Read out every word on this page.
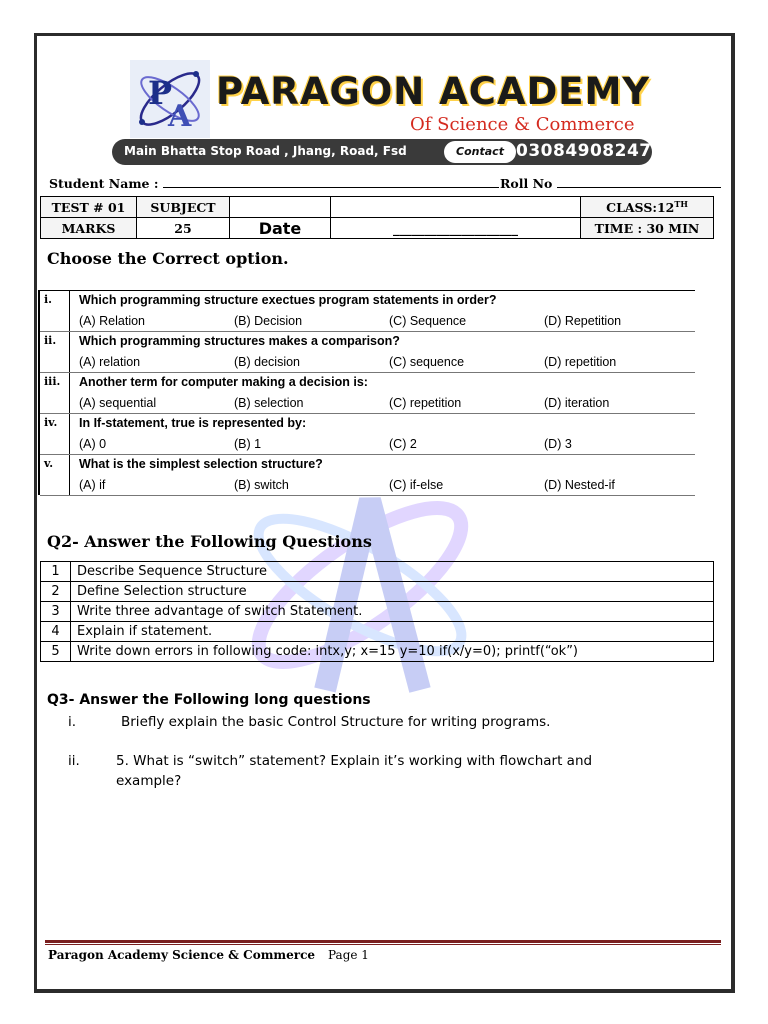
P
A
PARAGON ACADEMY
Of Science & Commerce
Main Bhatta Stop Road , Jhang, Road, Fsd	Contact 03084908247
Student Name :	Roll No
TEST # 01	SUBJECT			CLASS:12TH
MARKS	25	Date	____________________	TIME : 30 MIN
Choose the Correct option.
i.	Which programming structure exectues program statements in order?
(A) Relation	(B) Decision	(C) Sequence	(D) Repetition
ii.	Which programming structures makes a comparison?
(A) relation	(B) decision	(C) sequence	(D) repetition
iii.	Another term for computer making a decision is:
(A) sequential	(B) selection	(C) repetition	(D) iteration
iv.	In If-statement, true is represented by:
(A) 0	(B) 1	(C) 2	(D) 3
v.	What is the simplest selection structure?
(A) if	(B) switch	(C) if-else	(D) Nested-if
Q2- Answer the Following Questions
1	Describe Sequence Structure
2	Define Selection structure
3	Write three advantage of switch Statement.
4	Explain if statement.
5	Write down errors in following code: intx,y; x=15 y=10 if(x/y=0); printf(“ok”)
Q3- Answer the Following long questions
i.	Briefly explain the basic Control Structure for writing programs.
ii.	5. What is “switch” statement? Explain it’s working with flowchart and
example?
Paragon Academy Science & Commerce Page 1
